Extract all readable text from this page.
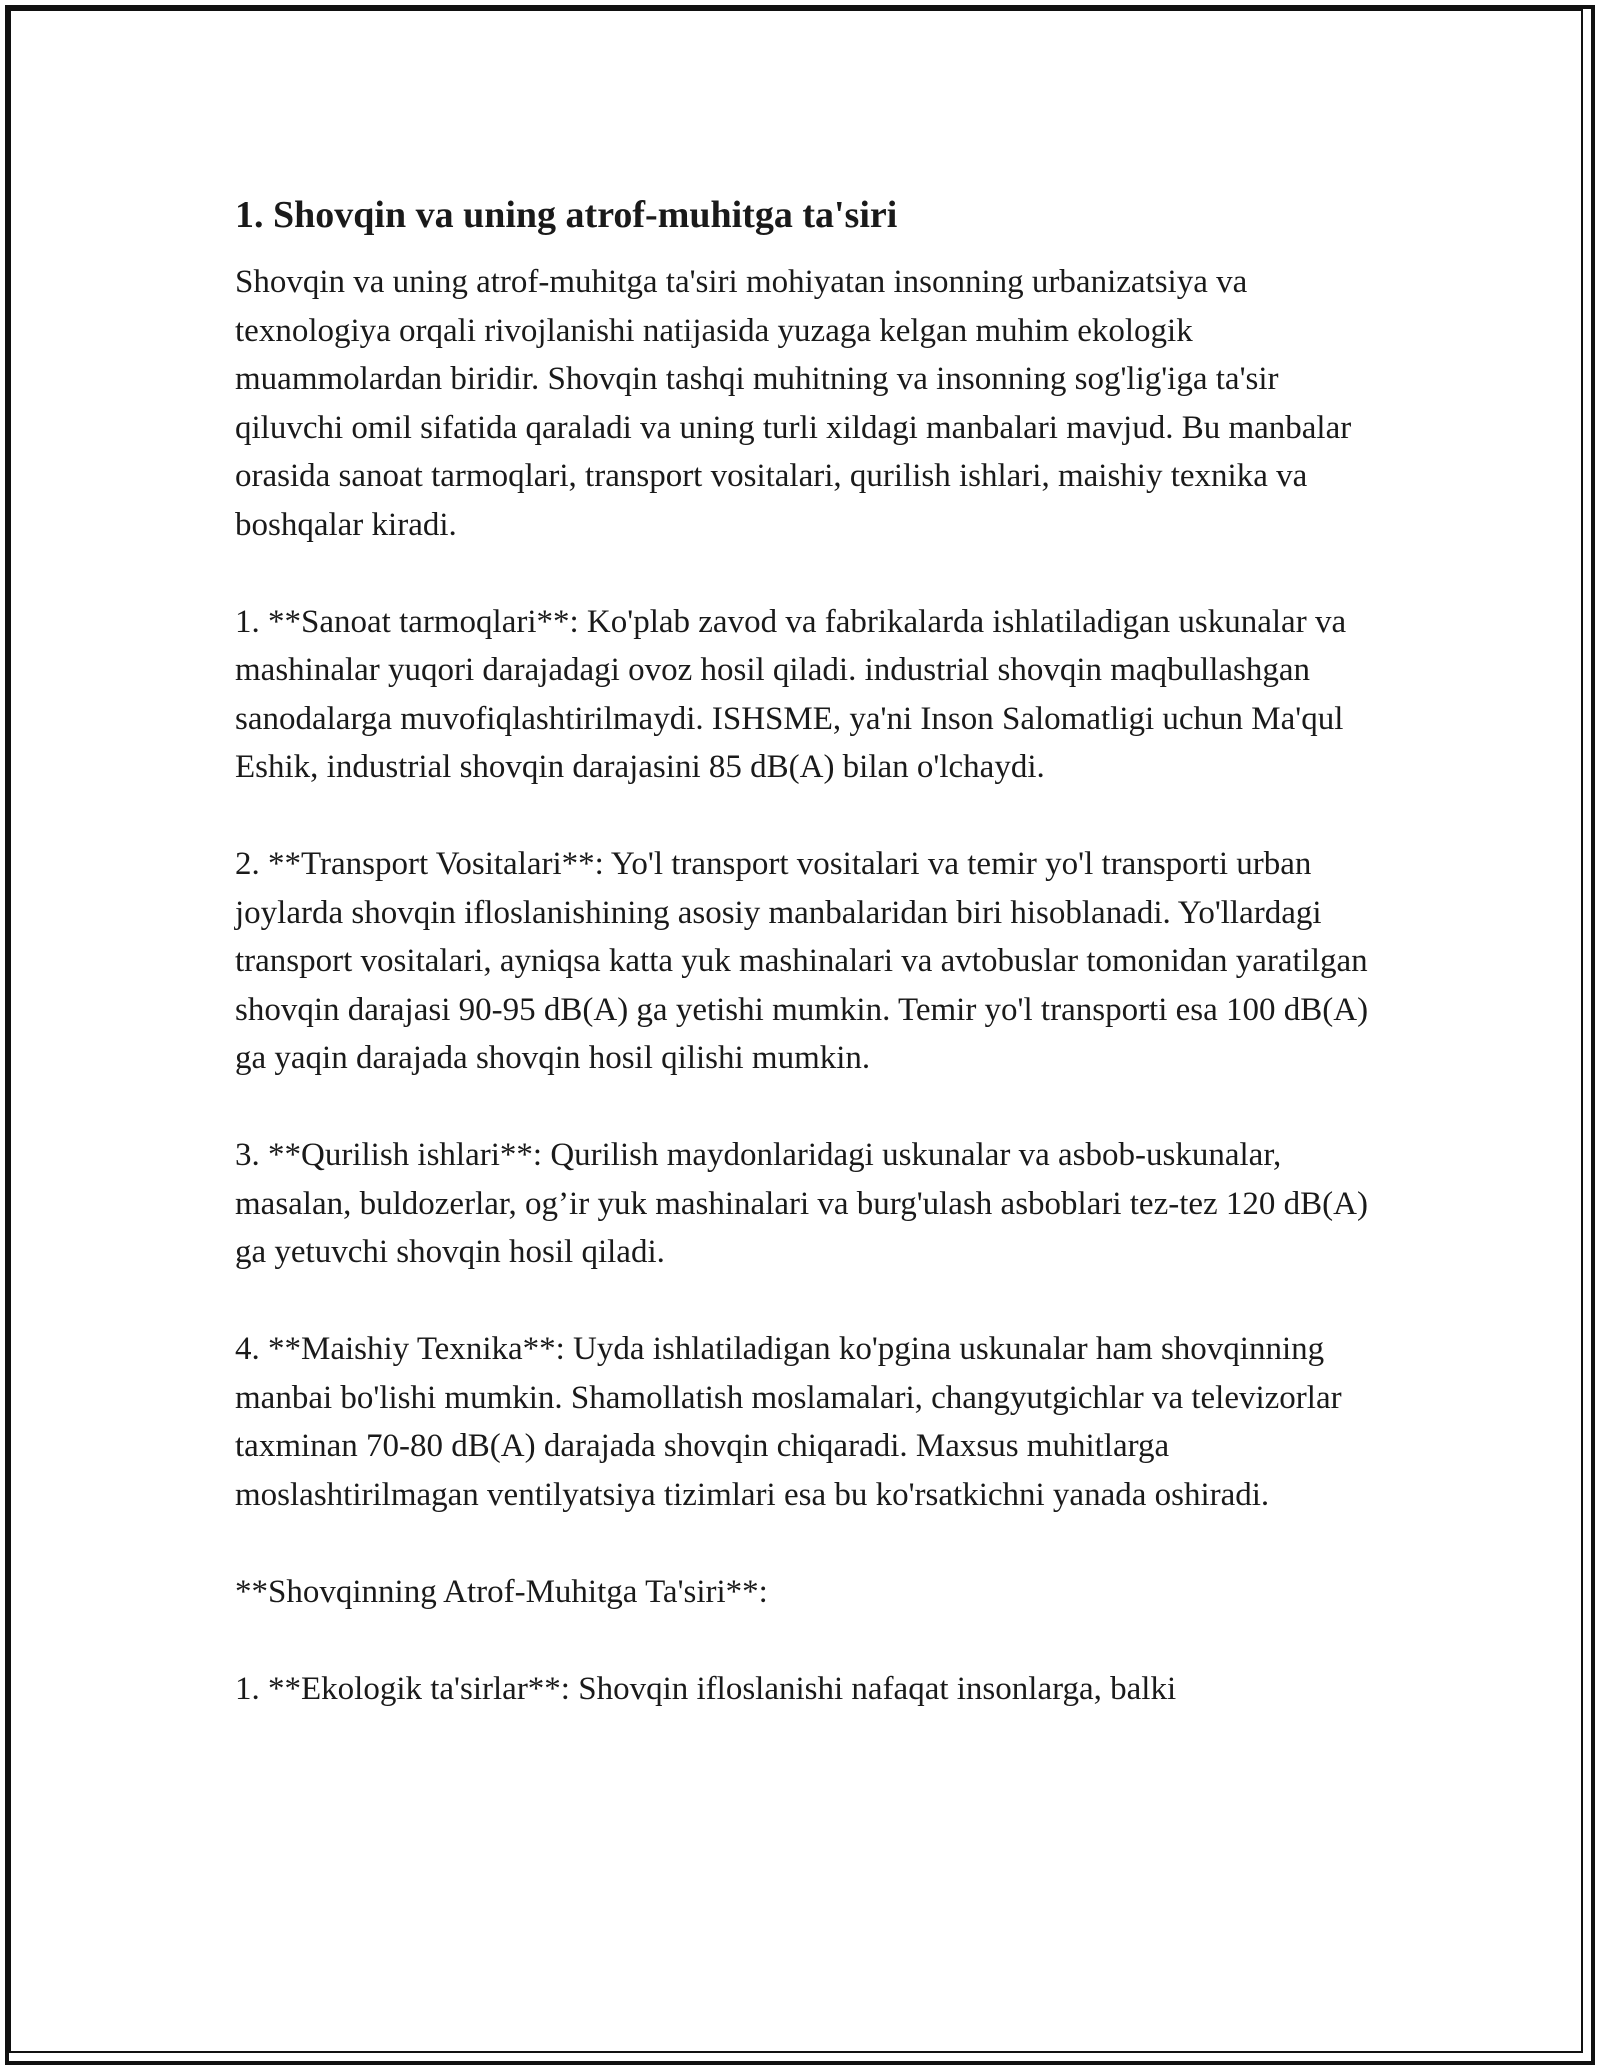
1. Shovqin va uning atrof-muhitga ta'siri

Shovqin va uning atrof-muhitga ta'siri mohiyatan insonning urbanizatsiya va texnologiya orqali rivojlanishi natijasida yuzaga kelgan muhim ekologik muammolardan biridir. Shovqin tashqi muhitning va insonning sog'lig'iga ta'sir qiluvchi omil sifatida qaraladi va uning turli xildagi manbalari mavjud. Bu manbalar orasida sanoat tarmoqlari, transport vositalari, qurilish ishlari, maishiy texnika va boshqalar kiradi.

1. **Sanoat tarmoqlari**: Ko'plab zavod va fabrikalarda ishlatiladigan uskunalar va mashinalar yuqori darajadagi ovoz hosil qiladi. industrial shovqin maqbullashgan sanodalarga muvofiqlashtirilmaydi. ISHSME, ya'ni Inson Salomatligi uchun Ma'qul Eshik, industrial shovqin darajasini 85 dB(A) bilan o'lchaydi.

2. **Transport Vositalari**: Yo'l transport vositalari va temir yo'l transporti urban joylarda shovqin ifloslanishining asosiy manbalaridan biri hisoblanadi. Yo'llardagi transport vositalari, ayniqsa katta yuk mashinalari va avtobuslar tomonidan yaratilgan shovqin darajasi 90-95 dB(A) ga yetishi mumkin. Temir yo'l transporti esa 100 dB(A) ga yaqin darajada shovqin hosil qilishi mumkin.

3. **Qurilish ishlari**: Qurilish maydonlaridagi uskunalar va asbob-uskunalar, masalan, buldozerlar, og’ir yuk mashinalari va burg'ulash asboblari tez-tez 120 dB(A) ga yetuvchi shovqin hosil qiladi.

4. **Maishiy Texnika**: Uyda ishlatiladigan ko'pgina uskunalar ham shovqinning manbai bo'lishi mumkin. Shamollatish moslamalari, changyutgichlar va televizorlar taxminan 70-80 dB(A) darajada shovqin chiqaradi. Maxsus muhitlarga moslashtirilmagan ventilyatsiya tizimlari esa bu ko'rsatkichni yanada oshiradi.

**Shovqinning Atrof-Muhitga Ta'siri**:

1. **Ekologik ta'sirlar**: Shovqin ifloslanishi nafaqat insonlarga, balki
